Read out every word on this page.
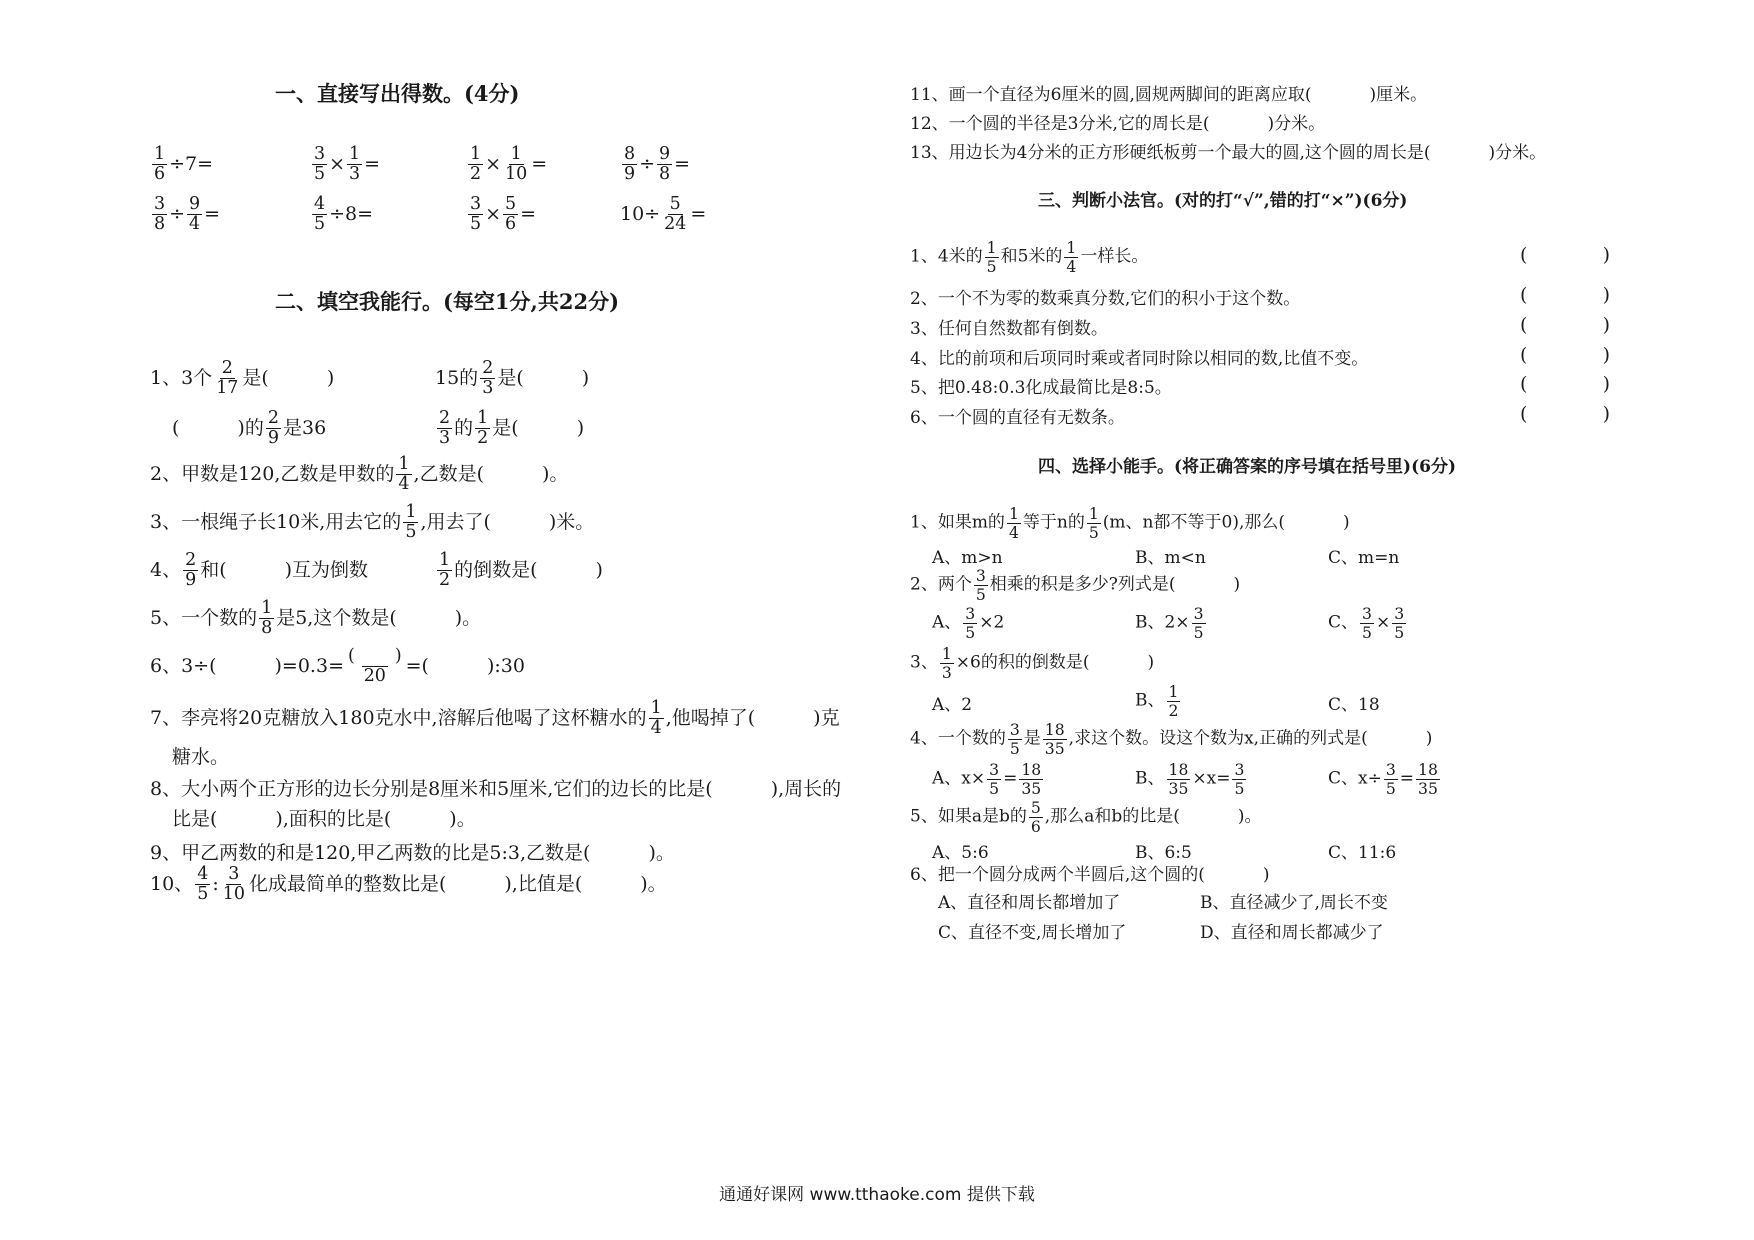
一、直接写出得数。(4分)
$\frac{1}{6} \div 7=$	$\frac{3}{5} \times \frac{1}{3}$ =	$\frac{1}{2} \times \frac{1}{10}$ =	$\frac{8}{9} \div \frac{9}{8}$ =
$\frac{3}{8} \div \frac{9}{4}$ =	$\frac{4}{5} \div 8=$	$\frac{3}{5} \times \frac{5}{6}$ =	$10\div \frac{5}{24}$ =
二、填空我能行。(每空1分,共22分)
1、3个 $\frac{2}{17}$ 是(	)	15的 $\frac{2}{3}$ 是(	)
(	)的 $\frac{2}{9}$ 是36	$\frac{2}{3}$ 的 $\frac{1}{2}$ 是(	)
2、甲数是120,乙数是甲数的 $\frac{1}{4}$ ,乙数是(	)。
3、一根绳子长10米,用去它的 $\frac{1}{5}$ ,用去了(	)米。
4、 $\frac{2}{9}$ 和(	)互为倒数	$\frac{1}{2}$ 的倒数是(	)
5、一个数的 $\frac{1}{8}$ 是5,这个数是(	)。
6、3÷(	)$=0.3= \frac{( )}{20}$ =(	):30
7、李亮将20克糖放入180克水中,溶解后他喝了这杯糖水的 $\frac{1}{4}$ ,他喝掉了(	)克
糖水。
8、大小两个正方形的边长分别是8厘米和5厘米,它们的边长的比是(	),周长的
比是(	),面积的比是(	)。
9、甲乙两数的和是120,甲乙两数的比是5:3,乙数是(	)。
10、 $\frac{4}{5}$ : $\frac{3}{10}$ 化成最简单的整数比是(	),比值是(	)。
11、画一个直径为6厘米的圆,圆规两脚间的距离应取(	)厘米。
12、一个圆的半径是3分米,它的周长是(	)分米。
13、用边长为4分米的正方形硬纸板剪一个最大的圆,这个圆的周长是(	)分米。
三、判断小法官。(对的打“√”,错的打“×”)(6分)
1、4米的 $\frac{1}{5}$ 和5米的 $\frac{1}{4}$ 一样长。	(	)
2、一个不为零的数乘真分数,它们的积小于这个数。	(	)
3、任何自然数都有倒数。	(	)
4、比的前项和后项同时乘或者同时除以相同的数,比值不变。	(	)
5、把0.48:0.3化成最简比是8:5。	(	)
6、一个圆的直径有无数条。	(	)
四、选择小能手。(将正确答案的序号填在括号里)(6分)
1、如果m的 $\frac{1}{4}$ 等于n的 $\frac{1}{5} (m$、n都不等于0),那么(	)
A、m>n	B、m<n	C、m=n
2、两个 $\frac{3}{5}$ 相乘的积是多少?列式是(	)
A、 $\frac{3}{5} \times 2$	B、$2\times \frac{3}{5}$	C、 $\frac{3}{5} \times \frac{3}{5}$
3、 $\frac{1}{3} \times 6$的积的倒数是(	)
A、2	B、 $\frac{1}{2}$	C、18
4、一个数的 $\frac{3}{5}$ 是 $\frac{18}{35}$ ,求这个数。设这个数为x,正确的列式是(	)
A、$x\times \frac{3}{5} = \frac{18}{35}$	B、 $\frac{18}{35} \times x= \frac{3}{5}$	C、$x\div \frac{3}{5} = \frac{18}{35}$
5、如果a是b的 $\frac{5}{6}$ ,那么a和b的比是(	)。
A、5:6	B、6:5	C、11:6
6、把一个圆分成两个半圆后,这个圆的(	)
A、直径和周长都增加了	B、直径减少了,周长不变
C、直径不变,周长增加了	D、直径和周长都减少了
通通好课网 www.tthaoke.com 提供下载
